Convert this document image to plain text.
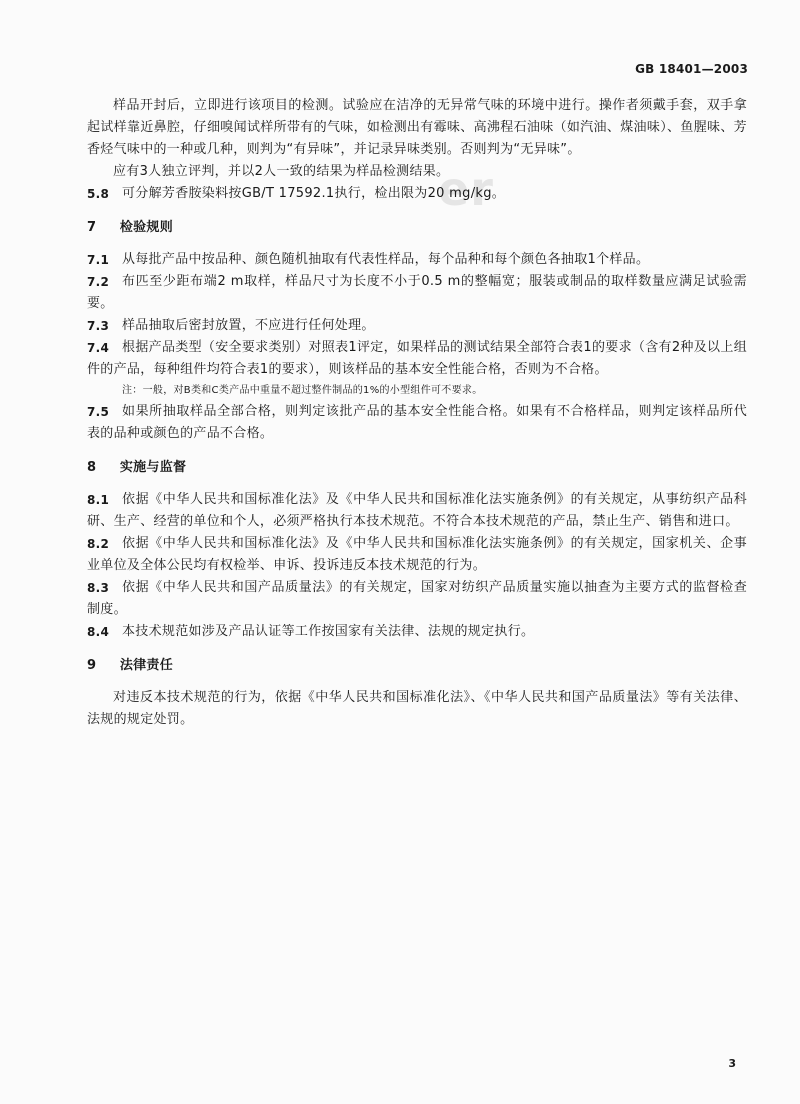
GB 18401—2003
er

样品开封后，立即进行该项目的检测。试验应在洁净的无异常气味的环境中进行。操作者须戴手套，双手拿起试样靠近鼻腔，仔细嗅闻试样所带有的气味，如检测出有霉味、高沸程石油味（如汽油、煤油味）、鱼腥味、芳香烃气味中的一种或几种，则判为“有异味”，并记录异味类别。否则判为“无异味”。

应有3人独立评判，并以2人一致的结果为样品检测结果。

5.8 可分解芳香胺染料按GB/T 17592.1执行，检出限为20 mg/kg。

7 检验规则

7.1 从每批产品中按品种、颜色随机抽取有代表性样品，每个品种和每个颜色各抽取1个样品。

7.2 布匹至少距布端2 m取样，样品尺寸为长度不小于0.5 m的整幅宽；服装或制品的取样数量应满足试验需要。

7.3 样品抽取后密封放置，不应进行任何处理。

7.4 根据产品类型（安全要求类别）对照表1评定，如果样品的测试结果全部符合表1的要求（含有2种及以上组件的产品，每种组件均符合表1的要求），则该样品的基本安全性能合格，否则为不合格。

注：一般，对B类和C类产品中重量不超过整件制品的1%的小型组件可不要求。

7.5 如果所抽取样品全部合格，则判定该批产品的基本安全性能合格。如果有不合格样品，则判定该样品所代表的品种或颜色的产品不合格。

8 实施与监督

8.1 依据《中华人民共和国标准化法》及《中华人民共和国标准化法实施条例》的有关规定，从事纺织产品科研、生产、经营的单位和个人，必须严格执行本技术规范。不符合本技术规范的产品，禁止生产、销售和进口。

8.2 依据《中华人民共和国标准化法》及《中华人民共和国标准化法实施条例》的有关规定，国家机关、企事业单位及全体公民均有权检举、申诉、投诉违反本技术规范的行为。

8.3 依据《中华人民共和国产品质量法》的有关规定，国家对纺织产品质量实施以抽查为主要方式的监督检查制度。

8.4 本技术规范如涉及产品认证等工作按国家有关法律、法规的规定执行。

9 法律责任

对违反本技术规范的行为，依据《中华人民共和国标准化法》、《中华人民共和国产品质量法》等有关法律、法规的规定处罚。

3
